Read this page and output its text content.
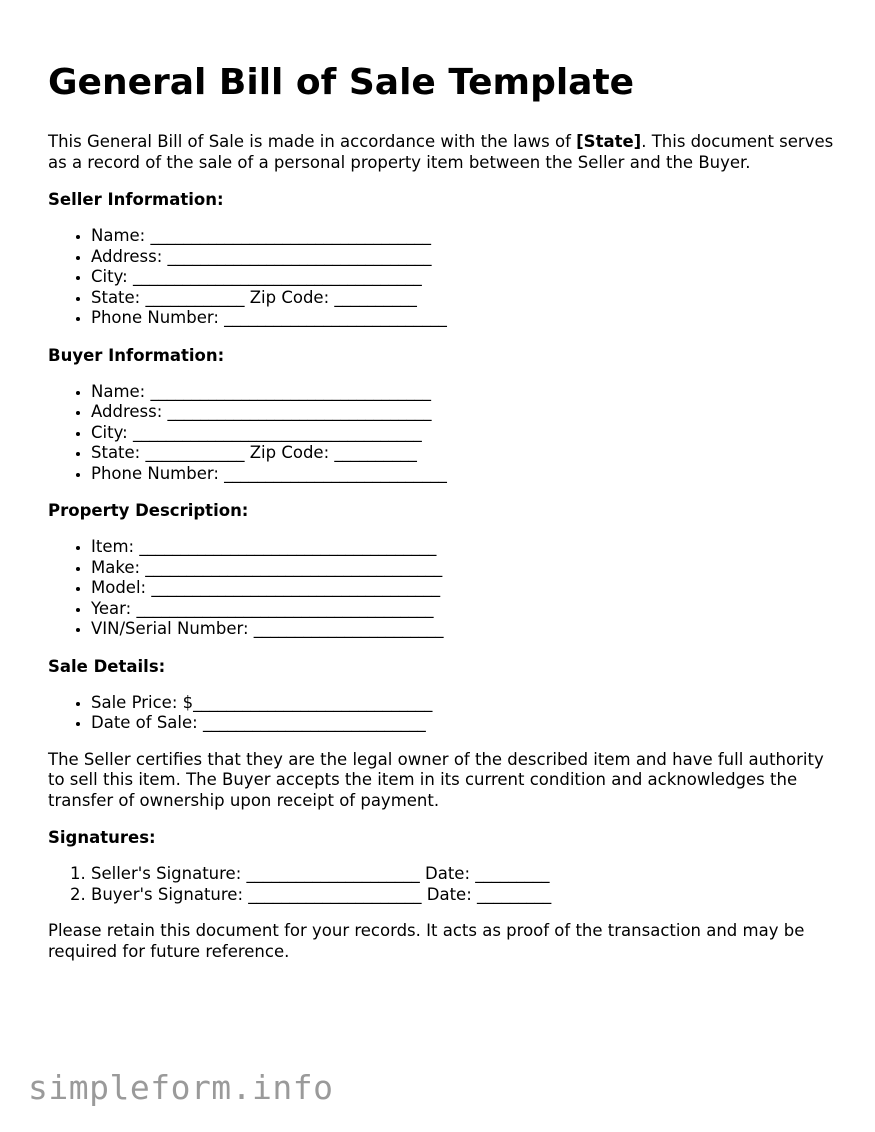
General Bill of Sale Template

This General Bill of Sale is made in accordance with the laws of [State]. This document serves as a record of the sale of a personal property item between the Seller and the Buyer.

Seller Information:
• Name: __________________________________
• Address: ________________________________
• City: ___________________________________
• State: ____________ Zip Code: __________
• Phone Number: ___________________________
Buyer Information:
• Name: __________________________________
• Address: ________________________________
• City: ___________________________________
• State: ____________ Zip Code: __________
• Phone Number: ___________________________
Property Description:
• Item: ____________________________________
• Make: ____________________________________
• Model: ___________________________________
• Year: ____________________________________
• VIN/Serial Number: _______________________
Sale Details:
• Sale Price: $_____________________________
• Date of Sale: ___________________________

The Seller certifies that they are the legal owner of the described item and have full authority to sell this item. The Buyer accepts the item in its current condition and acknowledges the transfer of ownership upon receipt of payment.

Signatures:
1. Seller's Signature: _____________________ Date: _________
2. Buyer's Signature: _____________________ Date: _________

Please retain this document for your records. It acts as proof of the transaction and may be required for future reference.

simpleform.info
